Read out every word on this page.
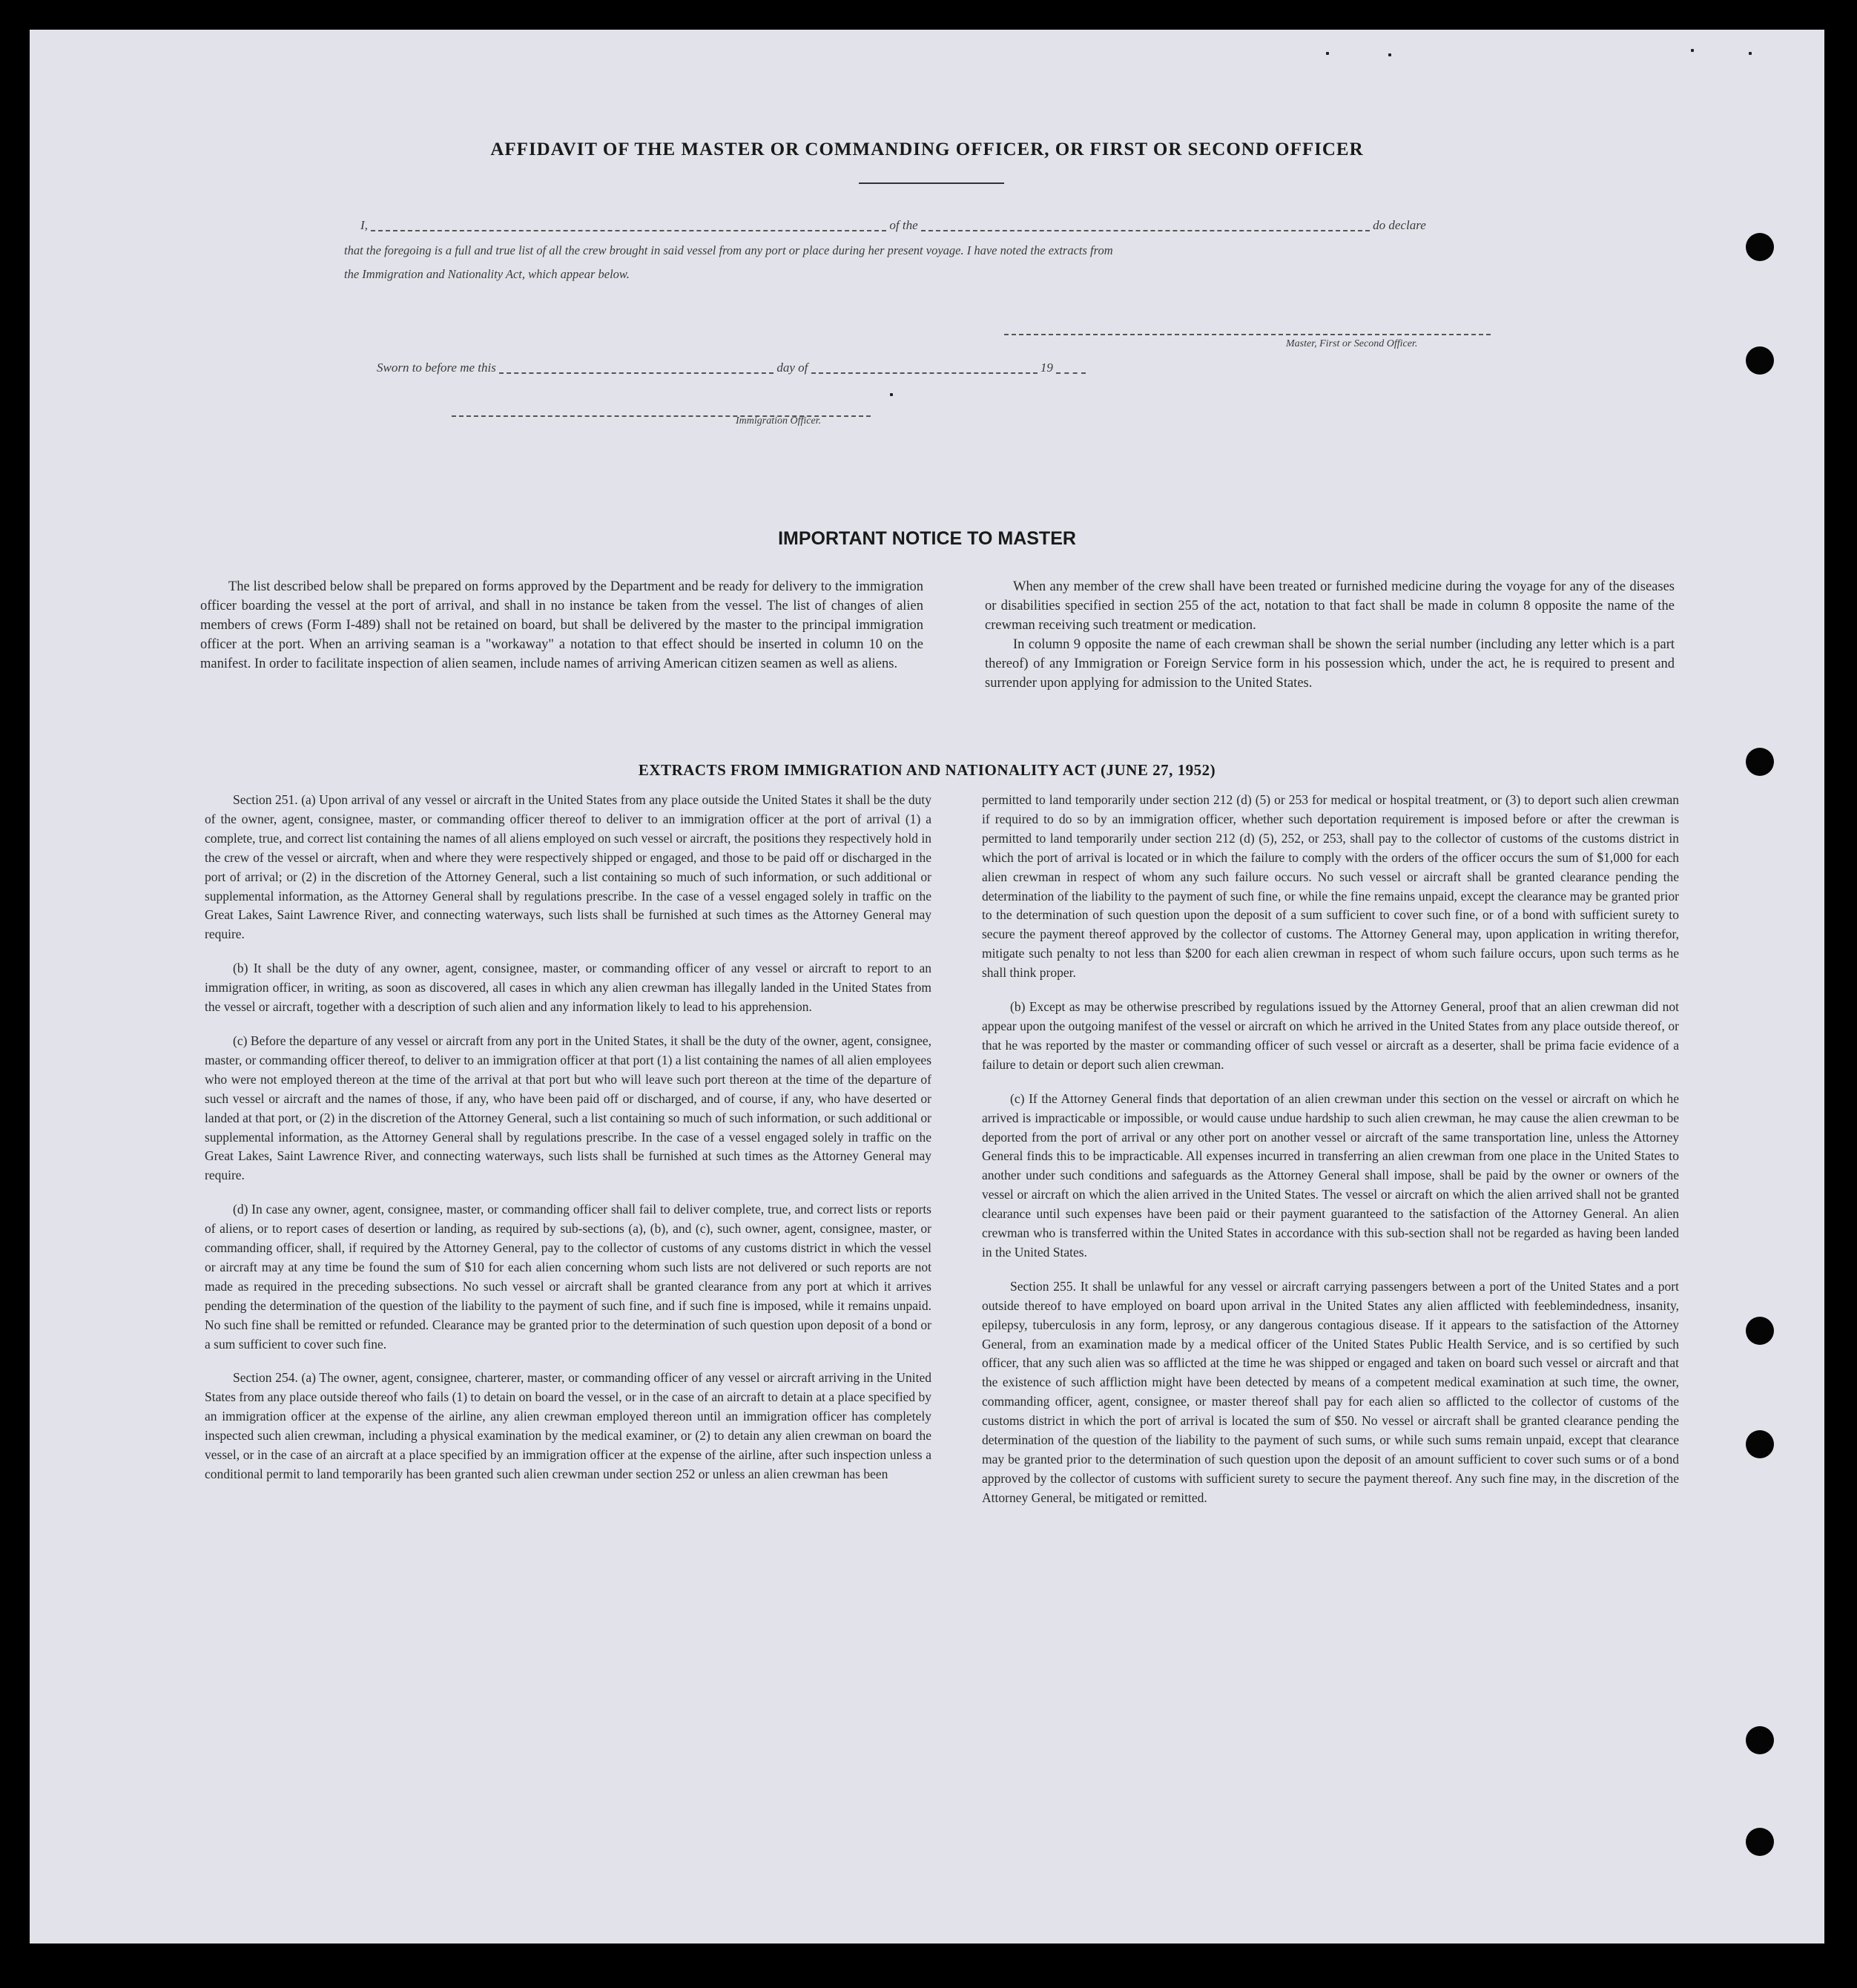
AFFIDAVIT OF THE MASTER OR COMMANDING OFFICER, OR FIRST OR SECOND OFFICER
I,	of the	do declare
that the foregoing is a full and true list of all the crew brought in said vessel from any port or place during her present voyage. I have noted the extracts from
the Immigration and Nationality Act, which appear below.
Master, First or Second Officer.
Sworn to before me this	day of	19
Immigration Officer.
IMPORTANT NOTICE TO MASTER

The list described below shall be prepared on forms approved by the Department and be ready for delivery to the immigration officer boarding the vessel at the port of arrival, and shall in no instance be taken from the vessel. The list of changes of alien members of crews (Form I-489) shall not be retained on board, but shall be delivered by the master to the principal immigration officer at the port. When an arriving seaman is a "workaway" a notation to that effect should be inserted in column 10 on the manifest. In order to facilitate inspection of alien seamen, include names of arriving American citizen seamen as well as aliens.

When any member of the crew shall have been treated or furnished medicine during the voyage for any of the diseases or disabilities specified in section 255 of the act, notation to that fact shall be made in column 8 opposite the name of the crewman receiving such treatment or medication.

In column 9 opposite the name of each crewman shall be shown the serial number (including any letter which is a part thereof) of any Immigration or Foreign Service form in his possession which, under the act, he is required to present and surrender upon applying for admission to the United States.

EXTRACTS FROM IMMIGRATION AND NATIONALITY ACT (JUNE 27, 1952)

Section 251. (a) Upon arrival of any vessel or aircraft in the United States from any place outside the United States it shall be the duty of the owner, agent, consignee, master, or commanding officer thereof to deliver to an immigration officer at the port of arrival (1) a complete, true, and correct list containing the names of all aliens employed on such vessel or aircraft, the positions they respectively hold in the crew of the vessel or aircraft, when and where they were respectively shipped or engaged, and those to be paid off or discharged in the port of arrival; or (2) in the discretion of the Attorney General, such a list containing so much of such information, or such additional or supplemental information, as the Attorney General shall by regulations prescribe. In the case of a vessel engaged solely in traffic on the Great Lakes, Saint Lawrence River, and connecting waterways, such lists shall be furnished at such times as the Attorney General may require.

(b) It shall be the duty of any owner, agent, consignee, master, or commanding officer of any vessel or aircraft to report to an immigration officer, in writing, as soon as discovered, all cases in which any alien crewman has illegally landed in the United States from the vessel or aircraft, together with a description of such alien and any information likely to lead to his apprehension.

(c) Before the departure of any vessel or aircraft from any port in the United States, it shall be the duty of the owner, agent, consignee, master, or commanding officer thereof, to deliver to an immigration officer at that port (1) a list containing the names of all alien employees who were not employed thereon at the time of the arrival at that port but who will leave such port thereon at the time of the departure of such vessel or aircraft and the names of those, if any, who have been paid off or discharged, and of course, if any, who have deserted or landed at that port, or (2) in the discretion of the Attorney General, such a list containing so much of such information, or such additional or supplemental information, as the Attorney General shall by regulations prescribe. In the case of a vessel engaged solely in traffic on the Great Lakes, Saint Lawrence River, and connecting waterways, such lists shall be furnished at such times as the Attorney General may require.

(d) In case any owner, agent, consignee, master, or commanding officer shall fail to deliver complete, true, and correct lists or reports of aliens, or to report cases of desertion or landing, as required by sub-sections (a), (b), and (c), such owner, agent, consignee, master, or commanding officer, shall, if required by the Attorney General, pay to the collector of customs of any customs district in which the vessel or aircraft may at any time be found the sum of $10 for each alien concerning whom such lists are not delivered or such reports are not made as required in the preceding subsections. No such vessel or aircraft shall be granted clearance from any port at which it arrives pending the determination of the question of the liability to the payment of such fine, and if such fine is imposed, while it remains unpaid. No such fine shall be remitted or refunded. Clearance may be granted prior to the determination of such question upon deposit of a bond or a sum sufficient to cover such fine.

Section 254. (a) The owner, agent, consignee, charterer, master, or commanding officer of any vessel or aircraft arriving in the United States from any place outside thereof who fails (1) to detain on board the vessel, or in the case of an aircraft to detain at a place specified by an immigration officer at the expense of the airline, any alien crewman employed thereon until an immigration officer has completely inspected such alien crewman, including a physical examination by the medical examiner, or (2) to detain any alien crewman on board the vessel, or in the case of an aircraft at a place specified by an immigration officer at the expense of the airline, after such inspection unless a conditional permit to land temporarily has been granted such alien crewman under section 252 or unless an alien crewman has been

permitted to land temporarily under section 212 (d) (5) or 253 for medical or hospital treatment, or (3) to deport such alien crewman if required to do so by an immigration officer, whether such deportation requirement is imposed before or after the crewman is permitted to land temporarily under section 212 (d) (5), 252, or 253, shall pay to the collector of customs of the customs district in which the port of arrival is located or in which the failure to comply with the orders of the officer occurs the sum of $1,000 for each alien crewman in respect of whom any such failure occurs. No such vessel or aircraft shall be granted clearance pending the determination of the liability to the payment of such fine, or while the fine remains unpaid, except the clearance may be granted prior to the determination of such question upon the deposit of a sum sufficient to cover such fine, or of a bond with sufficient surety to secure the payment thereof approved by the collector of customs. The Attorney General may, upon application in writing therefor, mitigate such penalty to not less than $200 for each alien crewman in respect of whom such failure occurs, upon such terms as he shall think proper.

(b) Except as may be otherwise prescribed by regulations issued by the Attorney General, proof that an alien crewman did not appear upon the outgoing manifest of the vessel or aircraft on which he arrived in the United States from any place outside thereof, or that he was reported by the master or commanding officer of such vessel or aircraft as a deserter, shall be prima facie evidence of a failure to detain or deport such alien crewman.

(c) If the Attorney General finds that deportation of an alien crewman under this section on the vessel or aircraft on which he arrived is impracticable or impossible, or would cause undue hardship to such alien crewman, he may cause the alien crewman to be deported from the port of arrival or any other port on another vessel or aircraft of the same transportation line, unless the Attorney General finds this to be impracticable. All expenses incurred in transferring an alien crewman from one place in the United States to another under such conditions and safeguards as the Attorney General shall impose, shall be paid by the owner or owners of the vessel or aircraft on which the alien arrived in the United States. The vessel or aircraft on which the alien arrived shall not be granted clearance until such expenses have been paid or their payment guaranteed to the satisfaction of the Attorney General. An alien crewman who is transferred within the United States in accordance with this sub-section shall not be regarded as having been landed in the United States.

Section 255. It shall be unlawful for any vessel or aircraft carrying passengers between a port of the United States and a port outside thereof to have employed on board upon arrival in the United States any alien afflicted with feeblemindedness, insanity, epilepsy, tuberculosis in any form, leprosy, or any dangerous contagious disease. If it appears to the satisfaction of the Attorney General, from an examination made by a medical officer of the United States Public Health Service, and is so certified by such officer, that any such alien was so afflicted at the time he was shipped or engaged and taken on board such vessel or aircraft and that the existence of such affliction might have been detected by means of a competent medical examination at such time, the owner, commanding officer, agent, consignee, or master thereof shall pay for each alien so afflicted to the collector of customs of the customs district in which the port of arrival is located the sum of $50. No vessel or aircraft shall be granted clearance pending the determination of the question of the liability to the payment of such sums, or while such sums remain unpaid, except that clearance may be granted prior to the determination of such question upon the deposit of an amount sufficient to cover such sums or of a bond approved by the collector of customs with sufficient surety to secure the payment thereof. Any such fine may, in the discretion of the Attorney General, be mitigated or remitted.
